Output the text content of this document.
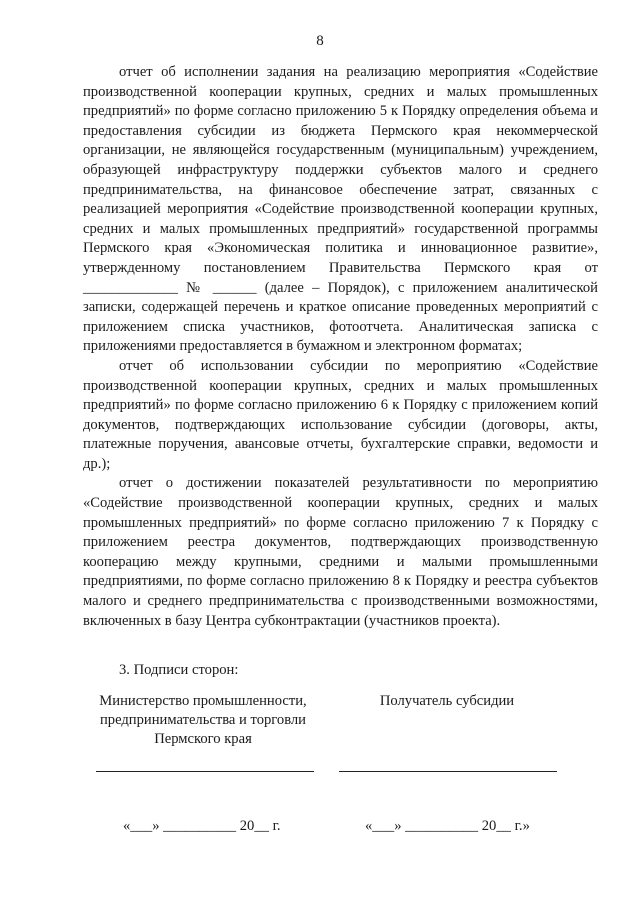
8

отчет об исполнении задания на реализацию мероприятия «Содействие производственной кооперации крупных, средних и малых промышленных предприятий» по форме согласно приложению 5 к Порядку определения объема и предоставления субсидии из бюджета Пермского края некоммерческой организации, не являющейся государственным (муниципальным) учреждением, образующей инфраструктуру поддержки субъектов малого и среднего предпринимательства, на финансовое обеспечение затрат, связанных с реализацией мероприятия «Содействие производственной кооперации крупных, средних и малых промышленных предприятий» государственной программы Пермского края «Экономическая политика и инновационное развитие», утвержденному постановлением Правительства Пермского края от _____________ № ______ (далее – Порядок), с приложением аналитической записки, содержащей перечень и краткое описание проведенных мероприятий с приложением списка участников, фотоотчета. Аналитическая записка с приложениями предоставляется в бумажном и электронном форматах;

отчет об использовании субсидии по мероприятию «Содействие производственной кооперации крупных, средних и малых промышленных предприятий» по форме согласно приложению 6 к Порядку с приложением копий документов, подтверждающих использование субсидии (договоры, акты, платежные поручения, авансовые отчеты, бухгалтерские справки, ведомости и др.);

отчет о достижении показателей результативности по мероприятию «Содействие производственной кооперации крупных, средних и малых промышленных предприятий» по форме согласно приложению 7 к Порядку с приложением реестра документов, подтверждающих производственную кооперацию между крупными, средними и малыми промышленными предприятиями, по форме согласно приложению 8 к Порядку и реестра субъектов малого и среднего предпринимательства с производственными возможностями, включенных в базу Центра субконтрактации (участников проекта).

3. Подписи сторон:
Министерство промышленности, предпринимательства и торговли Пермского края
Получатель субсидии
«___» __________ 20__ г.	«___» __________ 20__ г.»
